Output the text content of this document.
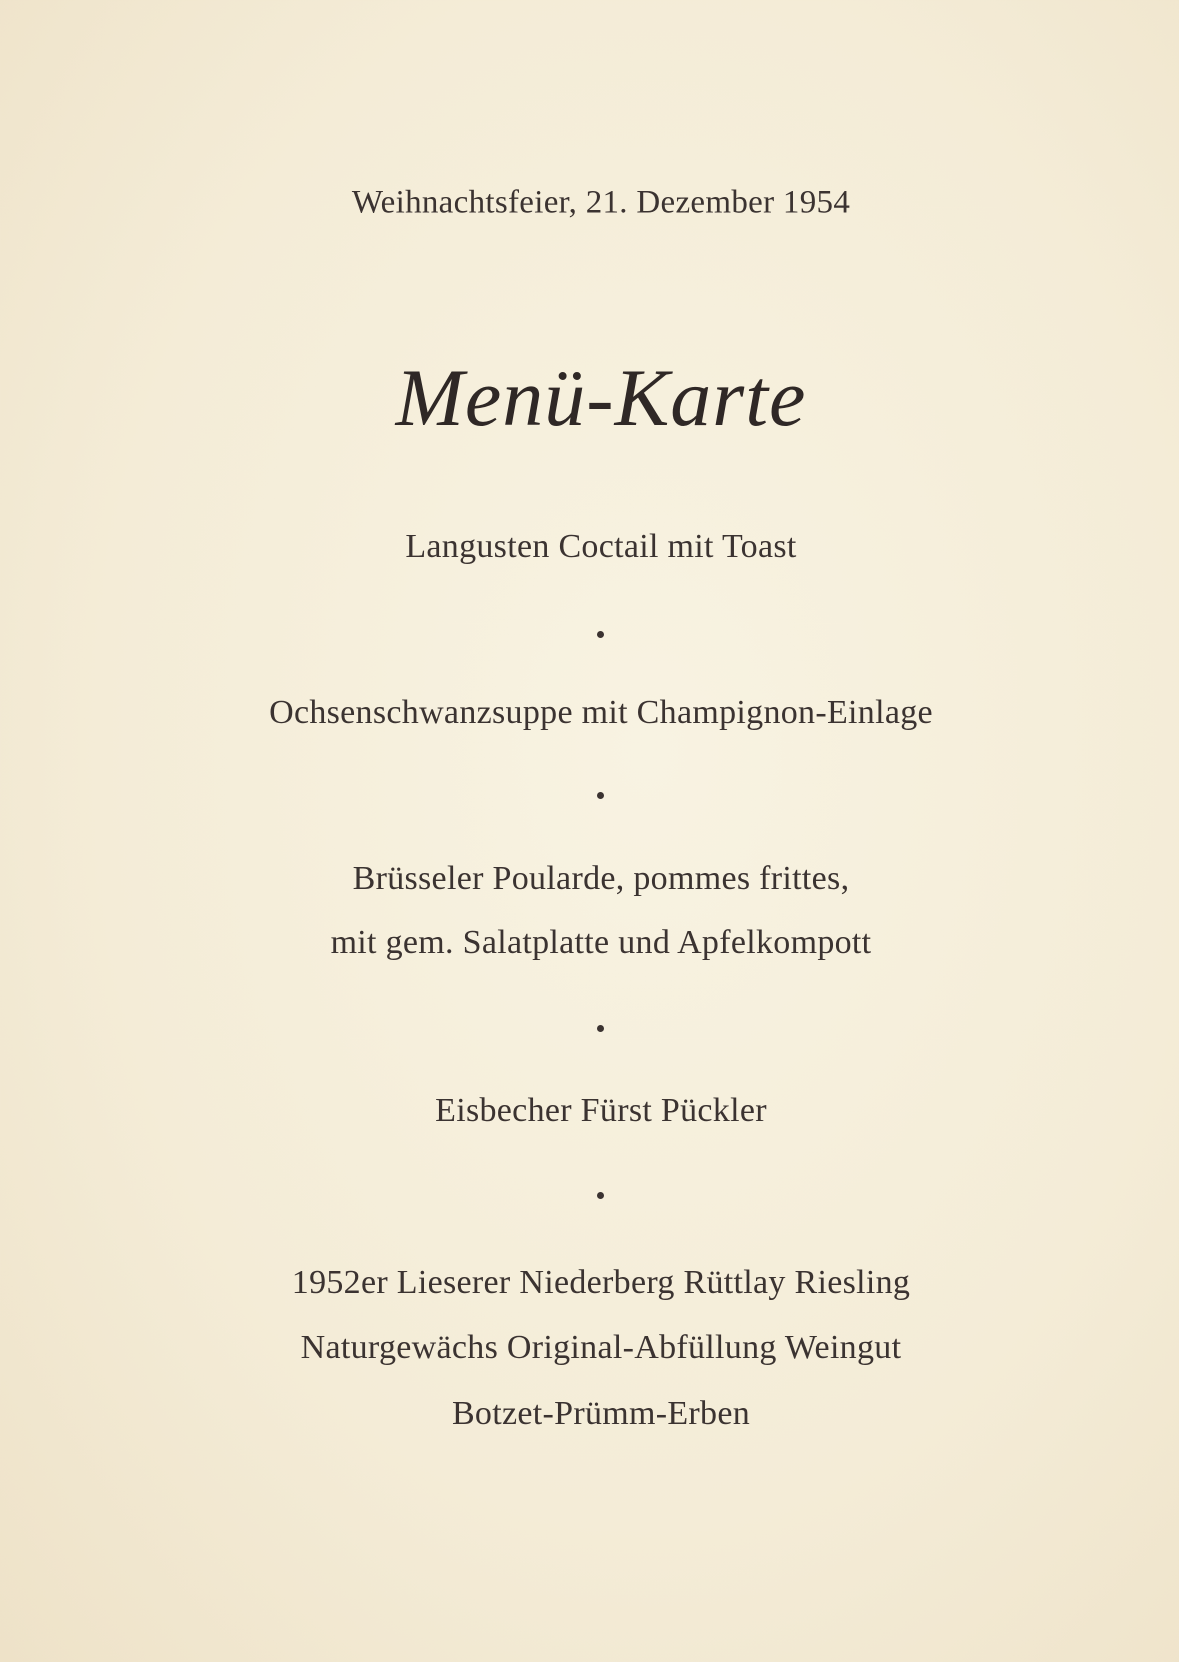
Weihnachtsfeier, 21. Dezember 1954
Menü-Karte
Langusten Coctail mit Toast
Ochsenschwanzsuppe mit Champignon-Einlage
Brüsseler Poularde, pommes frittes,
mit gem. Salatplatte und Apfelkompott
Eisbecher Fürst Pückler
1952er Lieserer Niederberg Rüttlay Riesling
Naturgewächs Original-Abfüllung Weingut
Botzet-Prümm-Erben
